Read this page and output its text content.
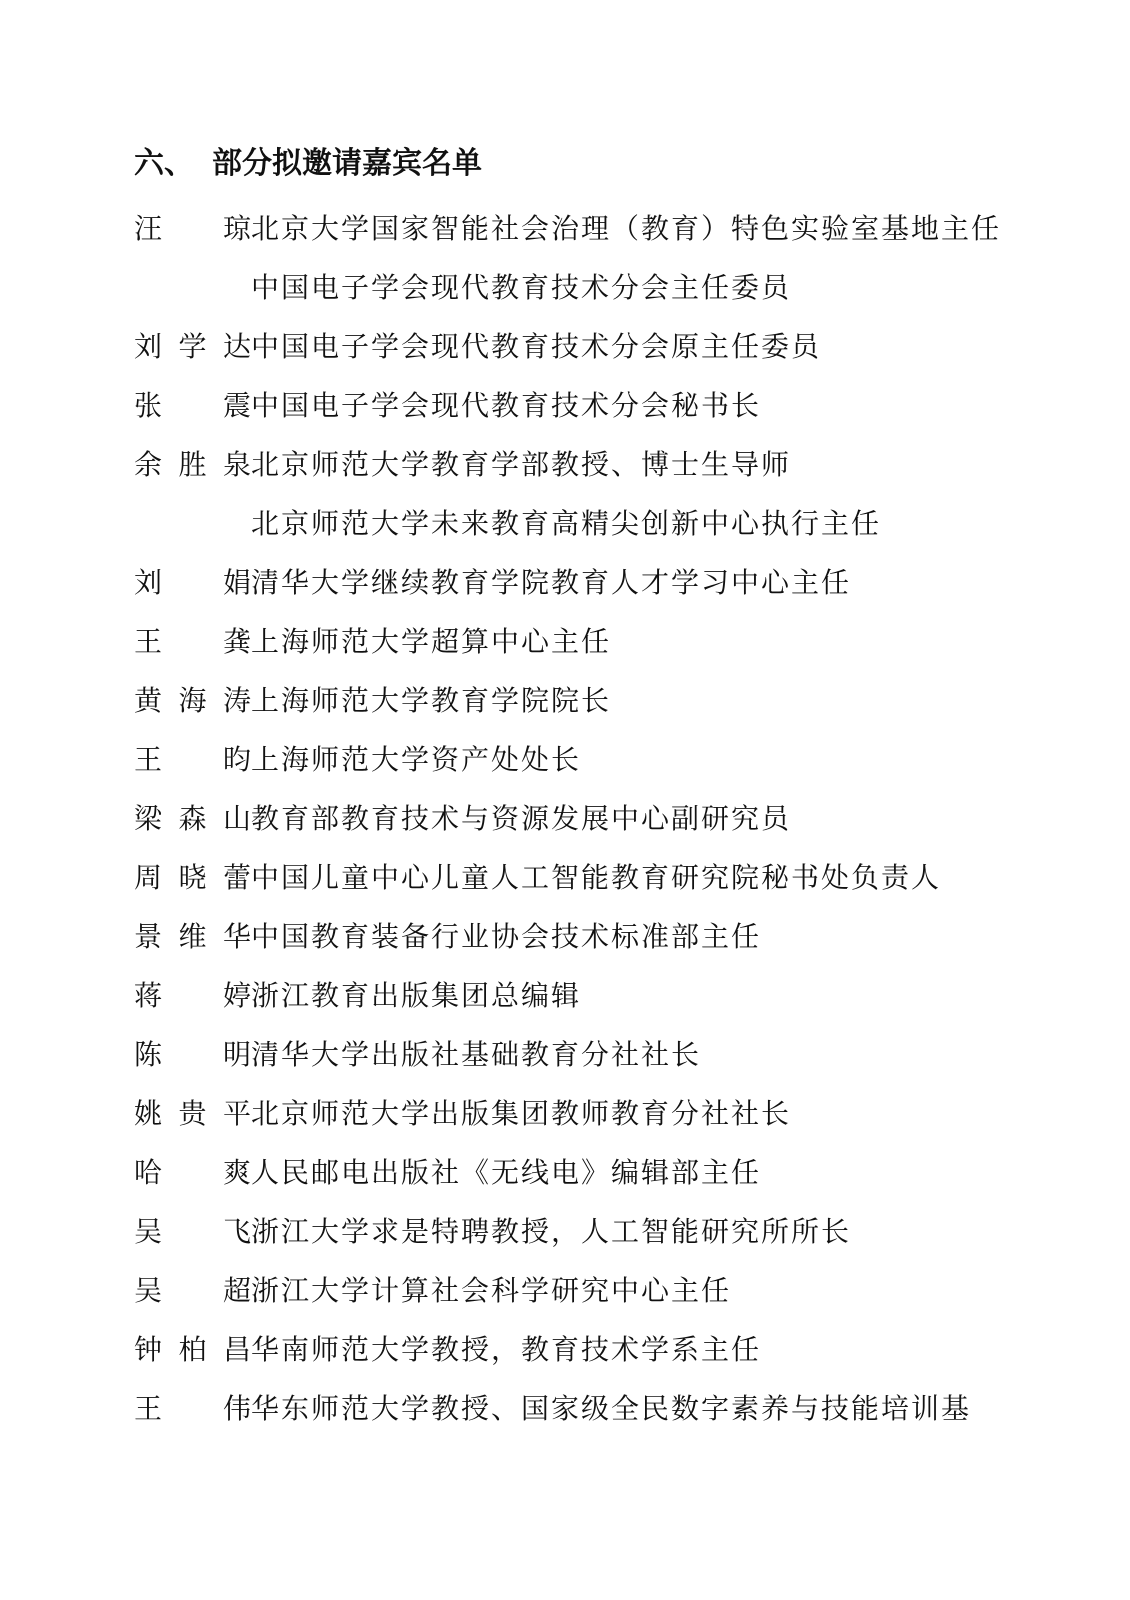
六、 部分拟邀请嘉宾名单
汪 琼 北京大学国家智能社会治理（教育）特色实验室基地主任
中国电子学会现代教育技术分会主任委员
刘 学 达 中国电子学会现代教育技术分会原主任委员
张 震 中国电子学会现代教育技术分会秘书长
余 胜 泉 北京师范大学教育学部教授、博士生导师
北京师范大学未来教育高精尖创新中心执行主任
刘 娟 清华大学继续教育学院教育人才学习中心主任
王 龚 上海师范大学超算中心主任
黄 海 涛 上海师范大学教育学院院长
王 昀 上海师范大学资产处处长
梁 森 山 教育部教育技术与资源发展中心副研究员
周 晓 蕾 中国儿童中心儿童人工智能教育研究院秘书处负责人
景 维 华 中国教育装备行业协会技术标准部主任
蒋 婷 浙江教育出版集团总编辑
陈 明 清华大学出版社基础教育分社社长
姚 贵 平 北京师范大学出版集团教师教育分社社长
哈 爽 人民邮电出版社《无线电》编辑部主任
吴 飞 浙江大学求是特聘教授，人工智能研究所所长
吴 超 浙江大学计算社会科学研究中心主任
钟 柏 昌 华南师范大学教授，教育技术学系主任
王 伟 华东师范大学教授、国家级全民数字素养与技能培训基
